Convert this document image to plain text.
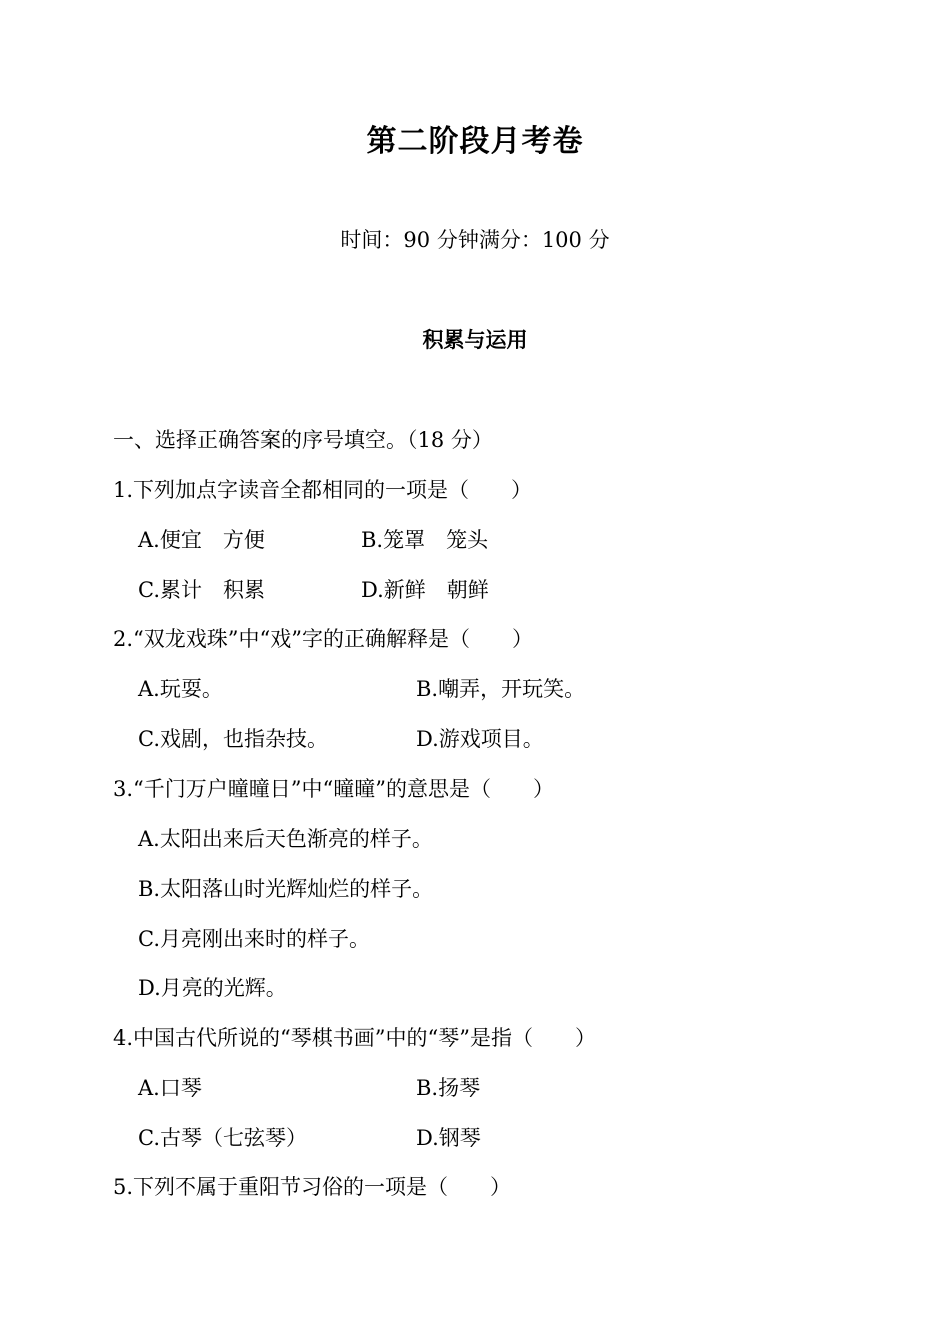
第二阶段月考卷
时间：90 分钟满分：100 分
积累与运用
一、选择正确答案的序号填空。（18 分）
1.下列加点字读音全都相同的一项是（　　）
A.便宜　方便	B.笼罩　笼头
C.累计　积累	D.新鲜　朝鲜
2.“双龙戏珠”中“戏”字的正确解释是（　　）
A.玩耍。	B.嘲弄，开玩笑。
C.戏剧，也指杂技。	D.游戏项目。
3.“千门万户曈曈日”中“曈曈”的意思是（　　）
A.太阳出来后天色渐亮的样子。
B.太阳落山时光辉灿烂的样子。
C.月亮刚出来时的样子。
D.月亮的光辉。
4.中国古代所说的“琴棋书画”中的“琴”是指（　　）
A.口琴	B.扬琴
C.古琴（七弦琴）	D.钢琴
5.下列不属于重阳节习俗的一项是（　　）
